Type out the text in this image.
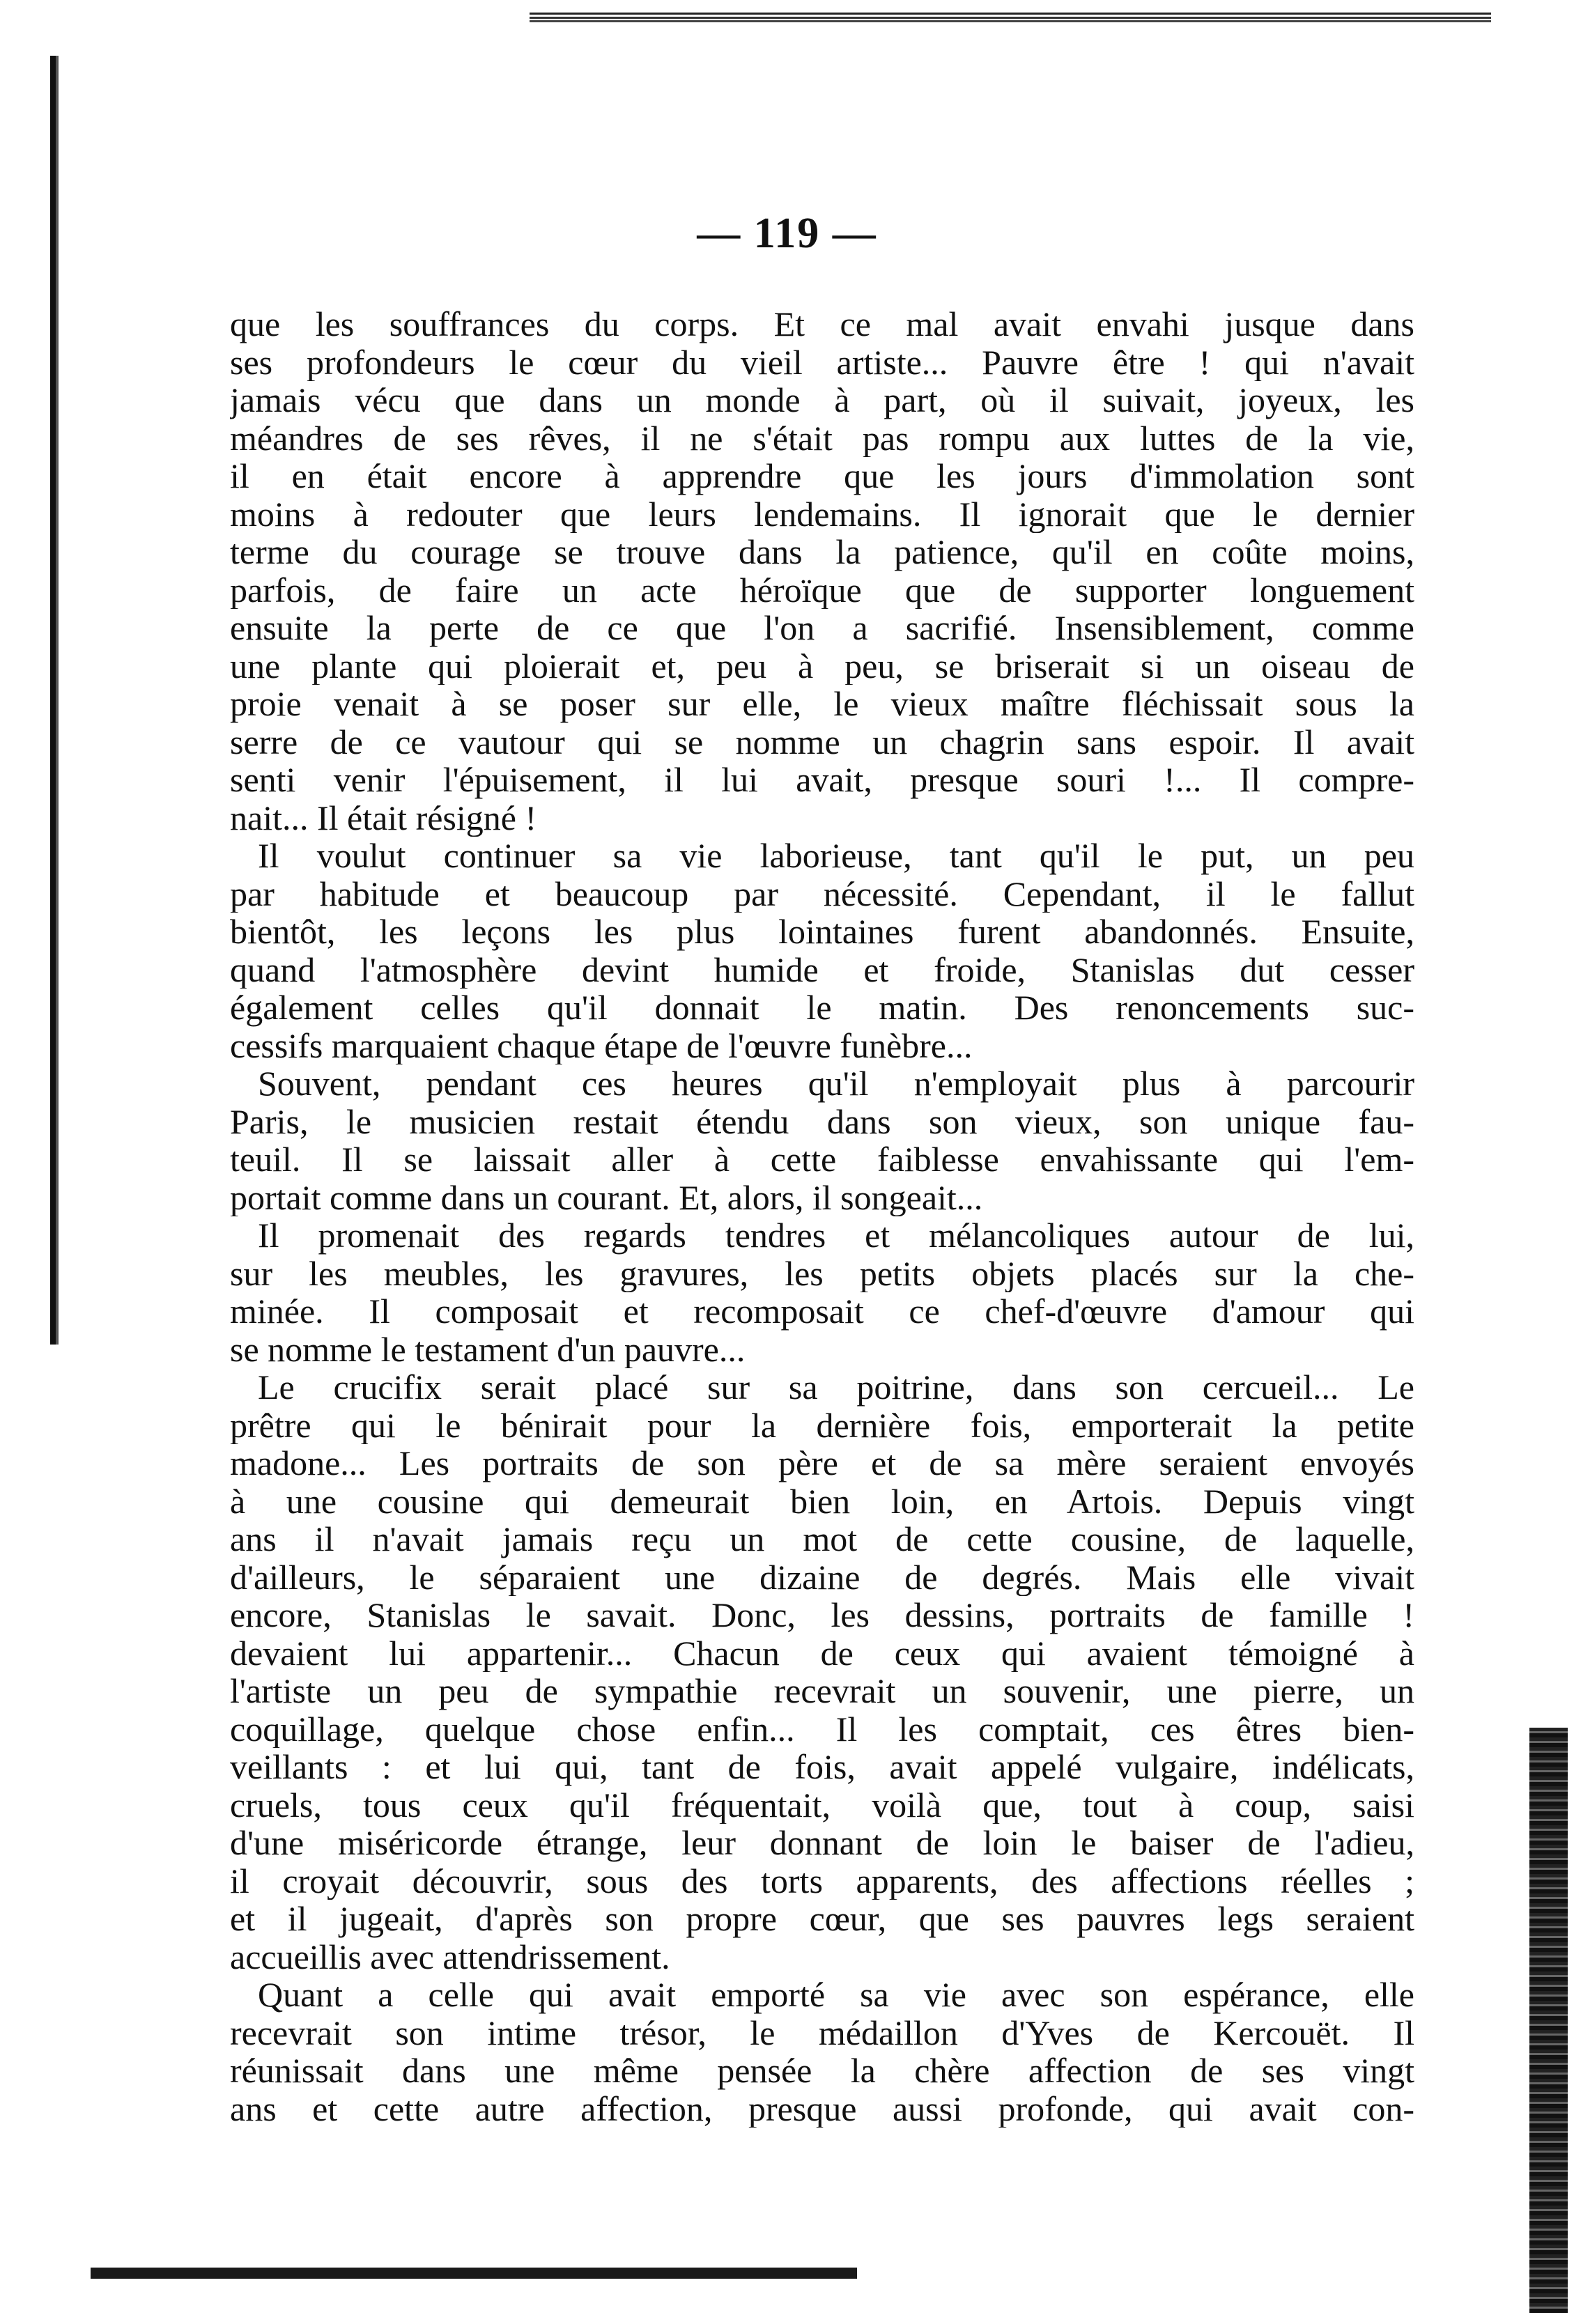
— 119 —
que les souffrances du corps. Et ce mal avait envahi jusque dans
ses profondeurs le cœur du vieil artiste... Pauvre être ! qui n'avait
jamais vécu que dans un monde à part, où il suivait, joyeux, les
méandres de ses rêves, il ne s'était pas rompu aux luttes de la vie,
il en était encore à apprendre que les jours d'immolation sont
moins à redouter que leurs lendemains. Il ignorait que le dernier
terme du courage se trouve dans la patience, qu'il en coûte moins,
parfois, de faire un acte héroïque que de supporter longuement
ensuite la perte de ce que l'on a sacrifié. Insensiblement, comme
une plante qui ploierait et, peu à peu, se briserait si un oiseau de
proie venait à se poser sur elle, le vieux maître fléchissait sous la
serre de ce vautour qui se nomme un chagrin sans espoir. Il avait
senti venir l'épuisement, il lui avait, presque souri !... Il compre-
nait... Il était résigné !
Il voulut continuer sa vie laborieuse, tant qu'il le put, un peu
par habitude et beaucoup par nécessité. Cependant, il le fallut
bientôt, les leçons les plus lointaines furent abandonnés. Ensuite,
quand l'atmosphère devint humide et froide, Stanislas dut cesser
également celles qu'il donnait le matin. Des renoncements suc-
cessifs marquaient chaque étape de l'œuvre funèbre...
Souvent, pendant ces heures qu'il n'employait plus à parcourir
Paris, le musicien restait étendu dans son vieux, son unique fau-
teuil. Il se laissait aller à cette faiblesse envahissante qui l'em-
portait comme dans un courant. Et, alors, il songeait...
Il promenait des regards tendres et mélancoliques autour de lui,
sur les meubles, les gravures, les petits objets placés sur la che-
minée. Il composait et recomposait ce chef-d'œuvre d'amour qui
se nomme le testament d'un pauvre...
Le crucifix serait placé sur sa poitrine, dans son cercueil... Le
prêtre qui le bénirait pour la dernière fois, emporterait la petite
madone... Les portraits de son père et de sa mère seraient envoyés
à une cousine qui demeurait bien loin, en Artois. Depuis vingt
ans il n'avait jamais reçu un mot de cette cousine, de laquelle,
d'ailleurs, le séparaient une dizaine de degrés. Mais elle vivait
encore, Stanislas le savait. Donc, les dessins, portraits de famille !
devaient lui appartenir... Chacun de ceux qui avaient témoigné à
l'artiste un peu de sympathie recevrait un souvenir, une pierre, un
coquillage, quelque chose enfin... Il les comptait, ces êtres bien-
veillants : et lui qui, tant de fois, avait appelé vulgaire, indélicats,
cruels, tous ceux qu'il fréquentait, voilà que, tout à coup, saisi
d'une miséricorde étrange, leur donnant de loin le baiser de l'adieu,
il croyait découvrir, sous des torts apparents, des affections réelles ;
et il jugeait, d'après son propre cœur, que ses pauvres legs seraient
accueillis avec attendrissement.
Quant a celle qui avait emporté sa vie avec son espérance, elle
recevrait son intime trésor, le médaillon d'Yves de Kercouët. Il
réunissait dans une même pensée la chère affection de ses vingt
ans et cette autre affection, presque aussi profonde, qui avait con-
